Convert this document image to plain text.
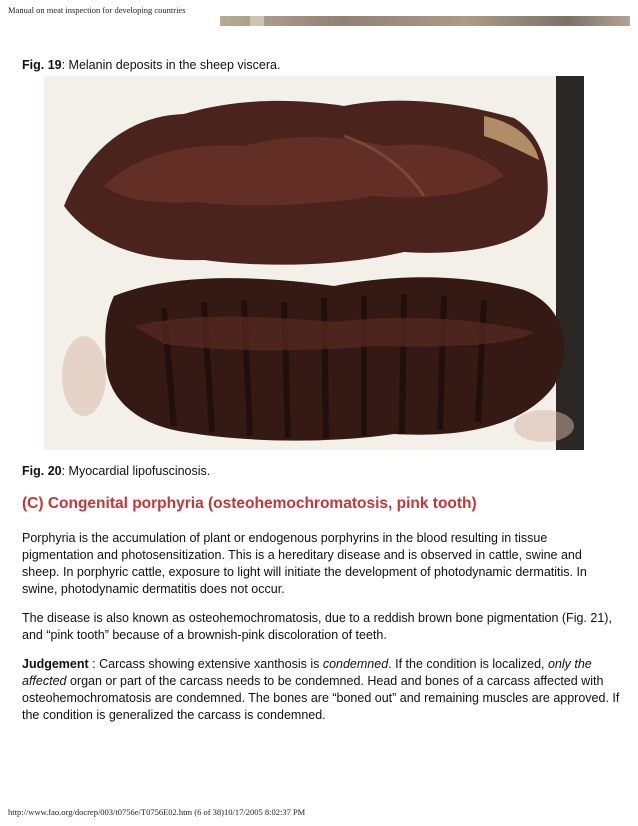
Manual on meat inspection for developing countries
Fig. 19: Melanin deposits in the sheep viscera.
Fig. 20: Myocardial lipofuscinosis.
(C) Congenital porphyria (osteohemochromatosis, pink tooth)

Porphyria is the accumulation of plant or endogenous porphyrins in the blood resulting in tissue pigmentation and photosensitization. This is a hereditary disease and is observed in cattle, swine and sheep. In porphyric cattle, exposure to light will initiate the development of photodynamic dermatitis. In swine, photodynamic dermatitis does not occur.

The disease is also known as osteohemochromatosis, due to a reddish brown bone pigmentation (Fig. 21), and “pink tooth” because of a brownish-pink discoloration of teeth.

Judgement : Carcass showing extensive xanthosis is condemned. If the condition is localized, only the affected organ or part of the carcass needs to be condemned. Head and bones of a carcass affected with osteohemochromatosis are condemned. The bones are “boned out” and remaining muscles are approved. If the condition is generalized the carcass is condemned.

http://www.fao.org/docrep/003/t0756e/T0756E02.htm (6 of 38)10/17/2005 8:02:37 PM
